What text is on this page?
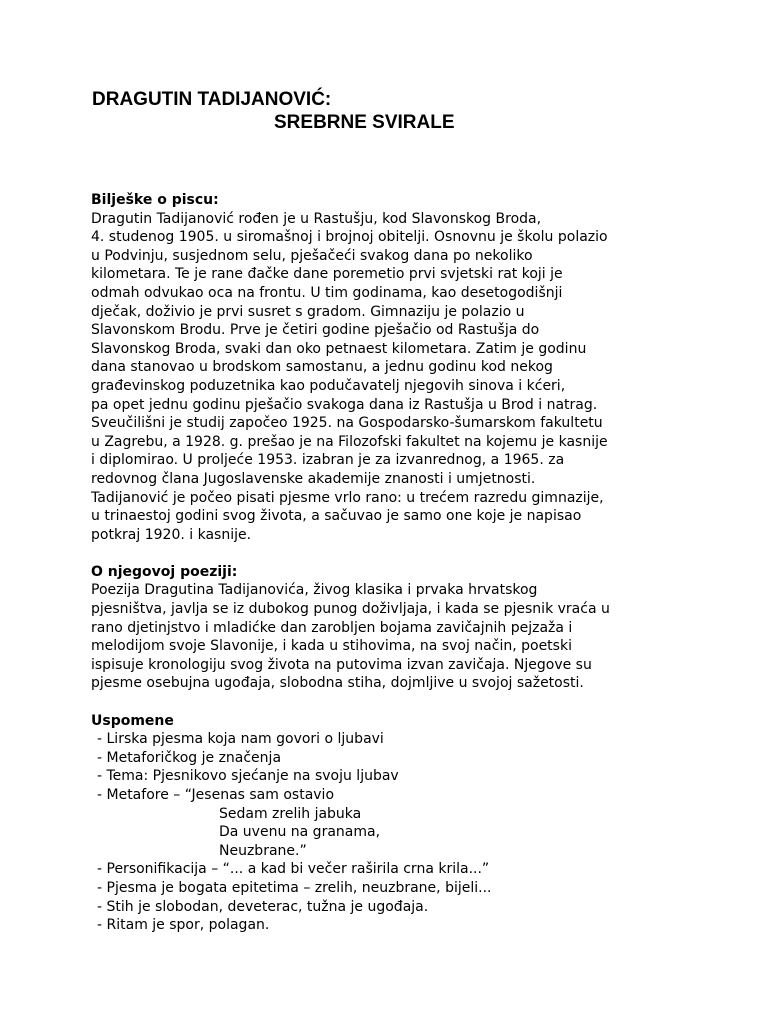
DRAGUTIN TADIJANOVIĆ:
SREBRNE SVIRALE
Bilješke o piscu:
Dragutin Tadijanović rođen je u Rastušju, kod Slavonskog Broda,
4. studenog 1905. u siromašnoj i brojnoj obitelji. Osnovnu je školu polazio
u Podvinju, susjednom selu, pješačeći svakog dana po nekoliko
kilometara. Te je rane đačke dane poremetio prvi svjetski rat koji je
odmah odvukao oca na frontu. U tim godinama, kao desetogodišnji
dječak, doživio je prvi susret s gradom. Gimnaziju je polazio u
Slavonskom Brodu. Prve je četiri godine pješačio od Rastušja do
Slavonskog Broda, svaki dan oko petnaest kilometara. Zatim je godinu
dana stanovao u brodskom samostanu, a jednu godinu kod nekog
građevinskog poduzetnika kao podučavatelj njegovih sinova i kćeri,
pa opet jednu godinu pješačio svakoga dana iz Rastušja u Brod i natrag.
Sveučilišni je studij započeo 1925. na Gospodarsko-šumarskom fakultetu
u Zagrebu, a 1928. g. prešao je na Filozofski fakultet na kojemu je kasnije
i diplomirao. U proljeće 1953. izabran je za izvanrednog, a 1965. za
redovnog člana Jugoslavenske akademije znanosti i umjetnosti.
Tadijanović je počeo pisati pjesme vrlo rano: u trećem razredu gimnazije,
u trinaestoj godini svog života, a sačuvao je samo one koje je napisao
potkraj 1920. i kasnije.
O njegovoj poeziji:
Poezija Dragutina Tadijanovića, živog klasika i prvaka hrvatskog
pjesništva, javlja se iz dubokog punog doživljaja, i kada se pjesnik vraća u
rano djetinjstvo i mladićke dan zarobljen bojama zavičajnih pejzaža i
melodijom svoje Slavonije, i kada u stihovima, na svoj način, poetski
ispisuje kronologiju svog života na putovima izvan zavičaja. Njegove su
pjesme osebujna ugođaja, slobodna stiha, dojmljive u svojoj sažetosti.
Uspomene
- Lirska pjesma koja nam govori o ljubavi
- Metaforičkog je značenja
- Tema: Pjesnikovo sjećanje na svoju ljubav
- Metafore – “Jesenas sam ostavio
Sedam zrelih jabuka
Da uvenu na granama,
Neuzbrane.”
- Personifikacija – “... a kad bi večer raširila crna krila...”
- Pjesma je bogata epitetima – zrelih, neuzbrane, bijeli...
- Stih je slobodan, deveterac, tužna je ugođaja.
- Ritam je spor, polagan.
